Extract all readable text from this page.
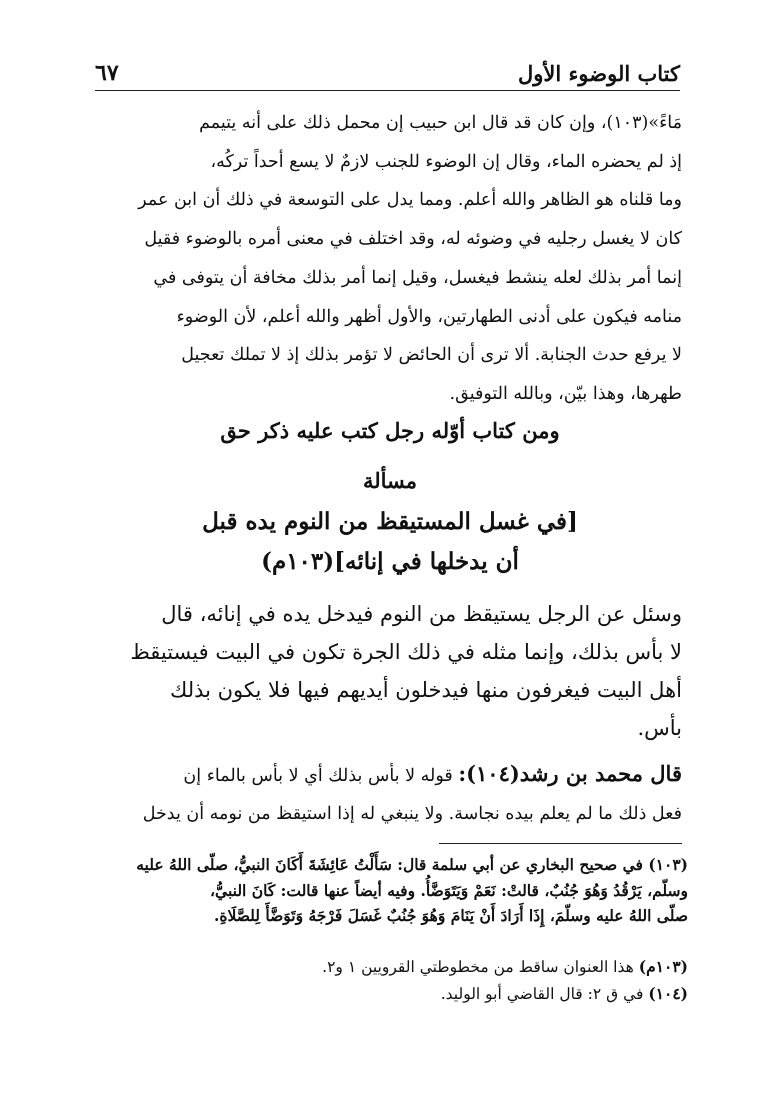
كتاب الوضوء الأول
٦٧
مَاءً»(١٠٣)، وإن كان قد قال ابن حبيب إن محمل ذلك على أنه يتيمم
إذ لم يحضره الماء، وقال إن الوضوء للجنب لازمٌ لا يسع أحداً تركُه،
وما قلناه هو الظاهر والله أعلم. ومما يدل على التوسعة في ذلك أن ابن عمر
كان لا يغسل رجليه في وضوئه له، وقد اختلف في معنى أمره بالوضوء فقيل
إنما أمر بذلك لعله ينشط فيغسل، وقيل إنما أمر بذلك مخافة أن يتوفى في
منامه فيكون على أدنى الطهارتين، والأول أظهر والله أعلم، لأن الوضوء
لا يرفع حدث الجنابة. ألا ترى أن الحائض لا تؤمر بذلك إذ لا تملك تعجيل
طهرها، وهذا بيّن، وبالله التوفيق.
ومن كتاب أوّله رجل كتب عليه ذكر حق
مسألة
[في غسل المستيقظ من النوم يده قبل
أن يدخلها في إنائه](١٠٣م)
وسئل عن الرجل يستيقظ من النوم فيدخل يده في إنائه، قال
لا بأس بذلك، وإنما مثله في ذلك الجرة تكون في البيت فيستيقظ
أهل البيت فيغرفون منها فيدخلون أيديهم فيها فلا يكون بذلك
بأس.
قال محمد بن رشد(١٠٤): قوله لا بأس بذلك أي لا بأس بالماء إن
فعل ذلك ما لم يعلم بيده نجاسة. ولا ينبغي له إذا استيقظ من نومه أن يدخل
(١٠٣) في صحيح البخاري عن أبي سلمة قال: سَأَلْتُ عَائِشَةَ أَكَانَ النبيُّ، صلّى اللهُ عليه
وسلّم، يَرْقُدُ وَهُوَ جُنُبٌ، قالتْ: نَعَمْ وَيَتَوَضَّأُ. وفيه أيضاً عنها قالت: كَانَ النبيُّ،
صلّى اللهُ عليه وسلّمَ، إِذَا أَرَادَ أَنْ يَنَامَ وَهُوَ جُنُبٌ غَسَلَ فَرْجَهُ وَتَوَضَّأَ لِلصَّلَاةِ.
(١٠٣م) هذا العنوان ساقط من مخطوطتي القرويين ١ و٢.
(١٠٤) في ق ٢: قال القاضي أبو الوليد.
